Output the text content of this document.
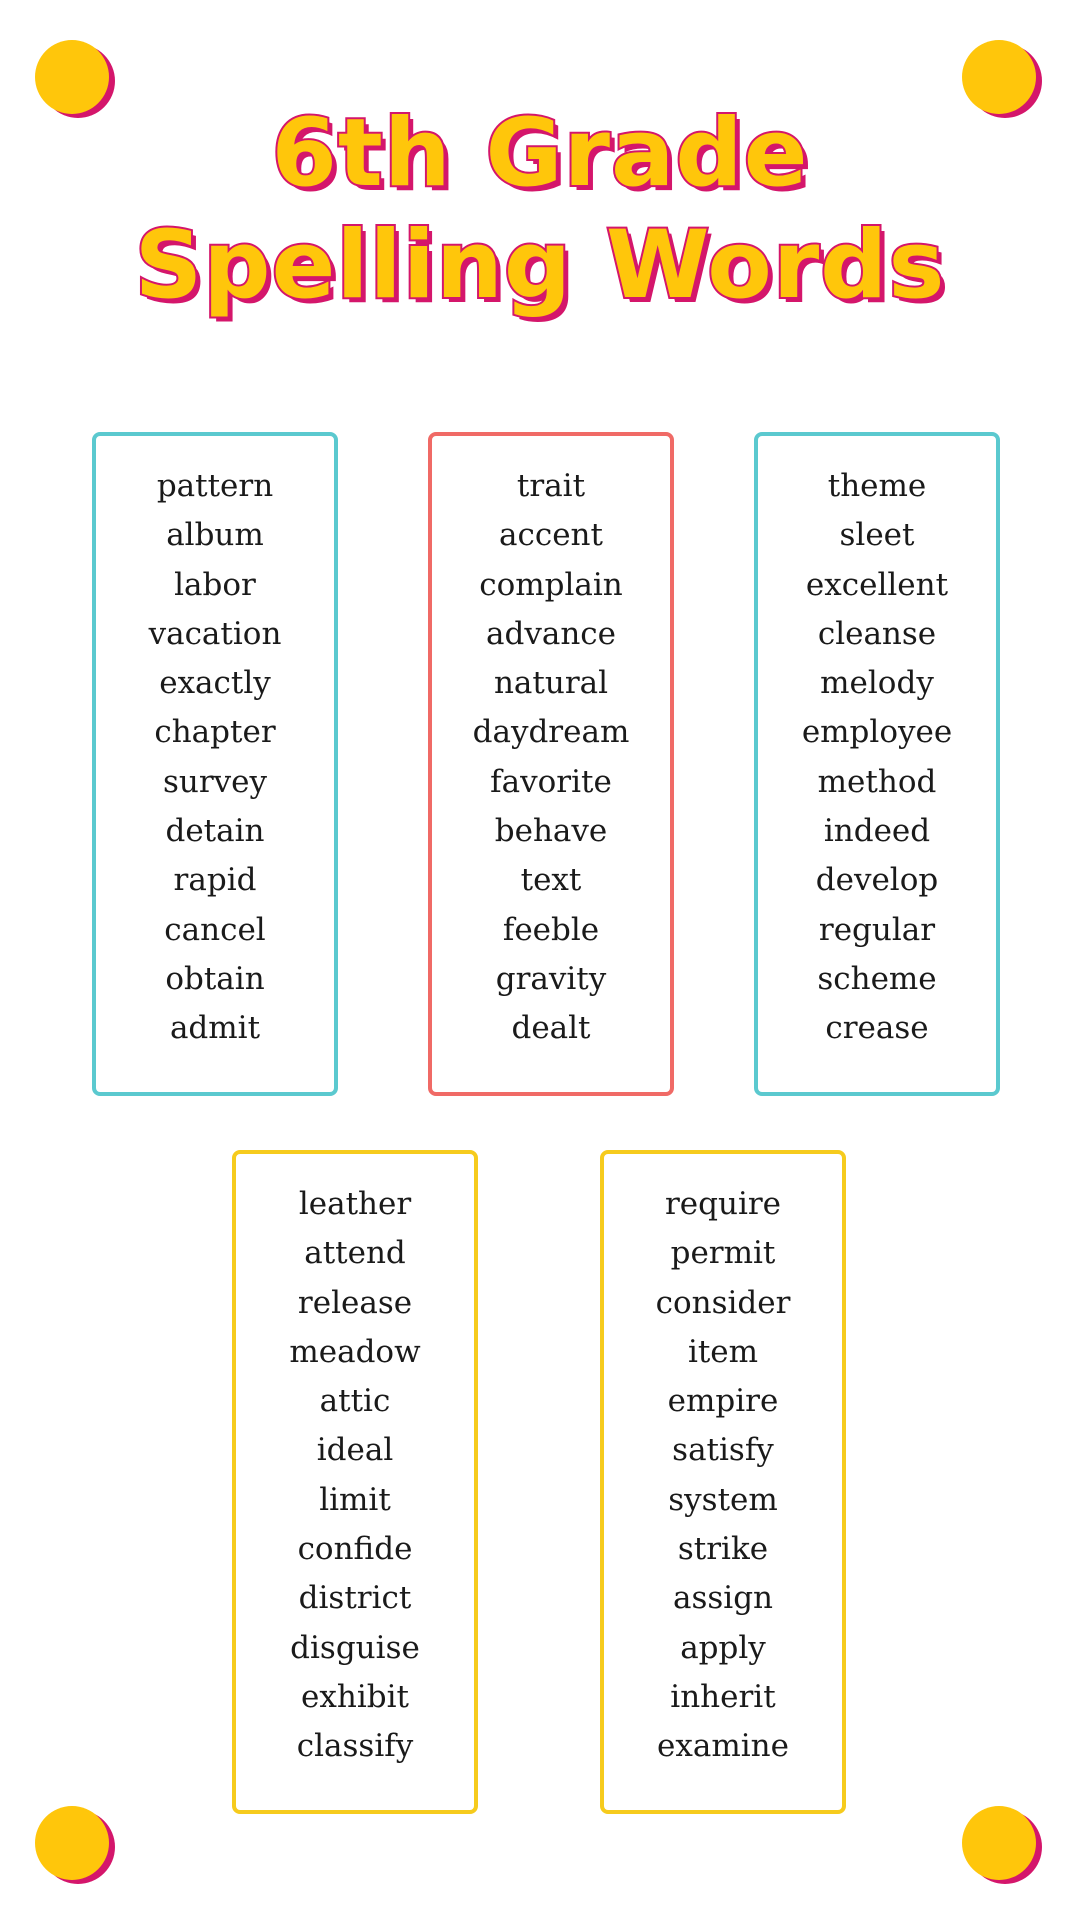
6th Grade
Spelling Words
pattern
album
labor
vacation
exactly
chapter
survey
detain
rapid
cancel
obtain
admit
trait
accent
complain
advance
natural
daydream
favorite
behave
text
feeble
gravity
dealt
theme
sleet
excellent
cleanse
melody
employee
method
indeed
develop
regular
scheme
crease
leather
attend
release
meadow
attic
ideal
limit
confide
district
disguise
exhibit
classify
require
permit
consider
item
empire
satisfy
system
strike
assign
apply
inherit
examine
